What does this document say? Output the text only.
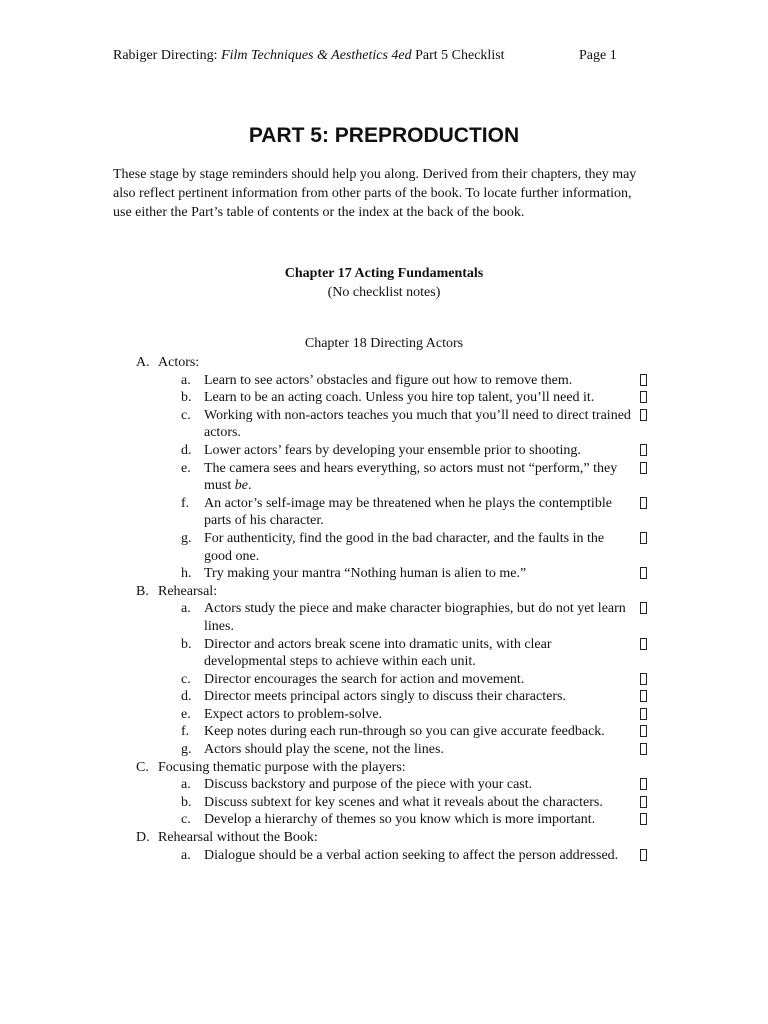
Rabiger Directing: Film Techniques & Aesthetics 4ed Part 5 Checklist	Page 1
PART 5: PREPRODUCTION
These stage by stage reminders should help you along. Derived from their chapters, they may also reflect pertinent information from other parts of the book. To locate further information, use either the Part’s table of contents or the index at the back of the book.
Chapter 17 Acting Fundamentals
(No checklist notes)
Chapter 18 Directing Actors
A. Actors:
a. Learn to see actors’ obstacles and figure out how to remove them.
b. Learn to be an acting coach. Unless you hire top talent, you’ll need it.
c. Working with non-actors teaches you much that you’ll need to direct trained actors.
d. Lower actors’ fears by developing your ensemble prior to shooting.
e. The camera sees and hears everything, so actors must not “perform,” they must be.
f. An actor’s self-image may be threatened when he plays the contemptible parts of his character.
g. For authenticity, find the good in the bad character, and the faults in the good one.
h. Try making your mantra “Nothing human is alien to me.”
B. Rehearsal:
a. Actors study the piece and make character biographies, but do not yet learn lines.
b. Director and actors break scene into dramatic units, with clear developmental steps to achieve within each unit.
c. Director encourages the search for action and movement.
d. Director meets principal actors singly to discuss their characters.
e. Expect actors to problem-solve.
f. Keep notes during each run-through so you can give accurate feedback.
g. Actors should play the scene, not the lines.
C. Focusing thematic purpose with the players:
a. Discuss backstory and purpose of the piece with your cast.
b. Discuss subtext for key scenes and what it reveals about the characters.
c. Develop a hierarchy of themes so you know which is more important.
D. Rehearsal without the Book:
a. Dialogue should be a verbal action seeking to affect the person addressed.
